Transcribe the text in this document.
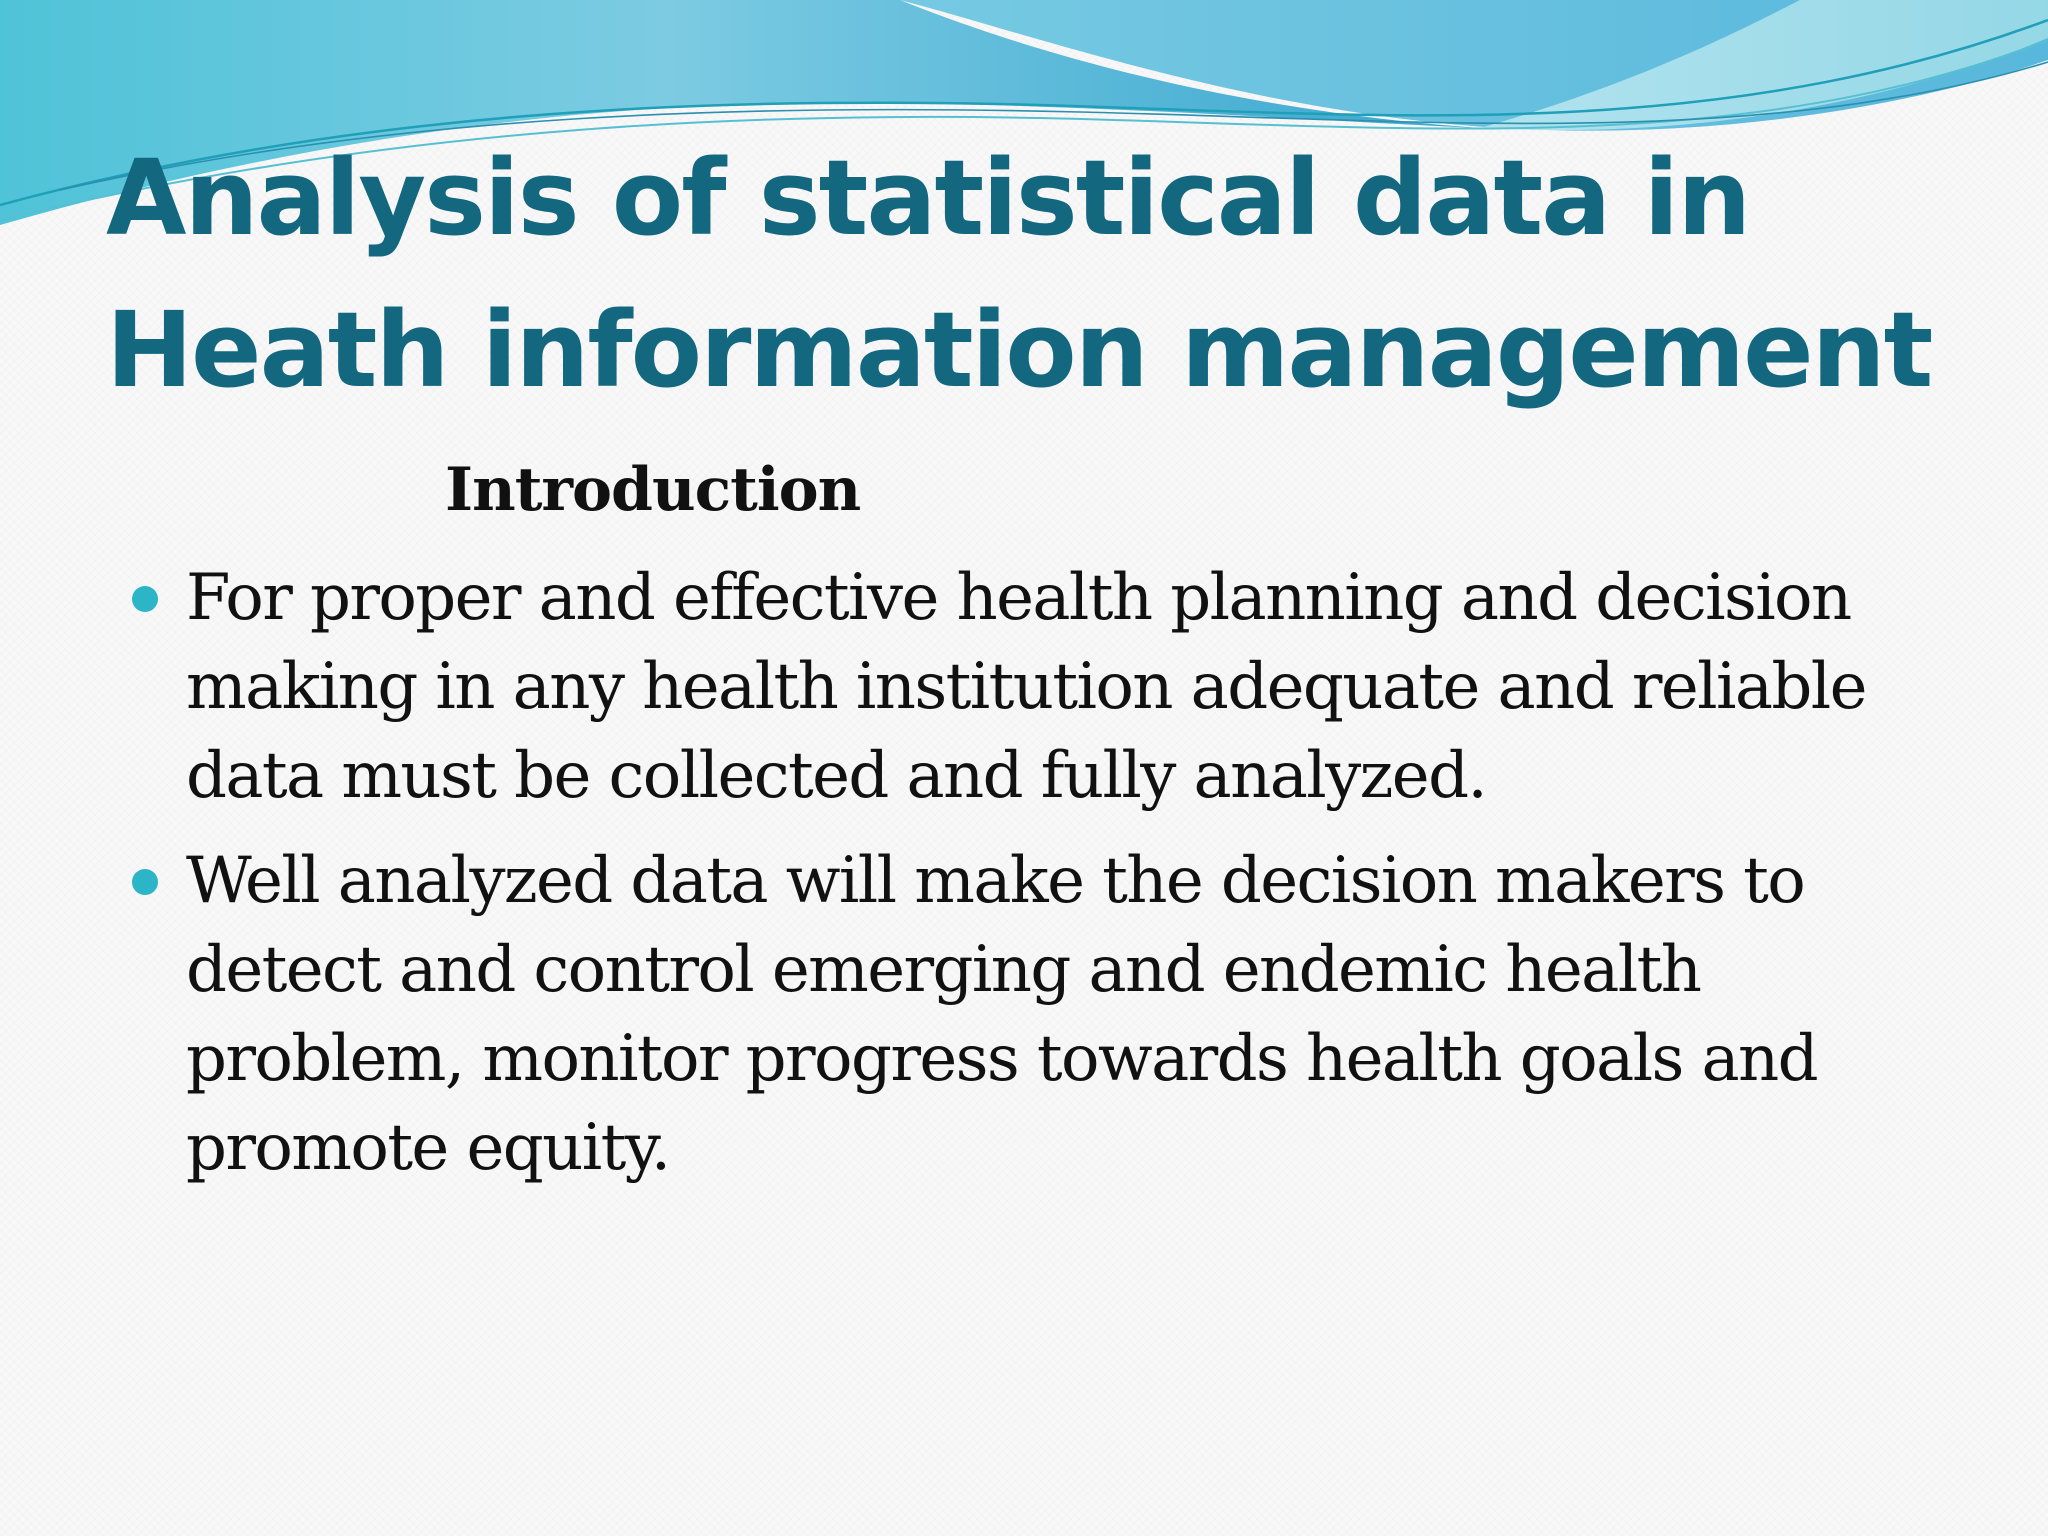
Analysis of statistical data in
Heath information management
Introduction
For proper and effective health planning and decision
making in any health institution adequate and reliable
data must be collected and fully analyzed.
Well analyzed data will make the decision makers to
detect and control emerging and endemic health
problem, monitor progress towards health goals and
promote equity.
